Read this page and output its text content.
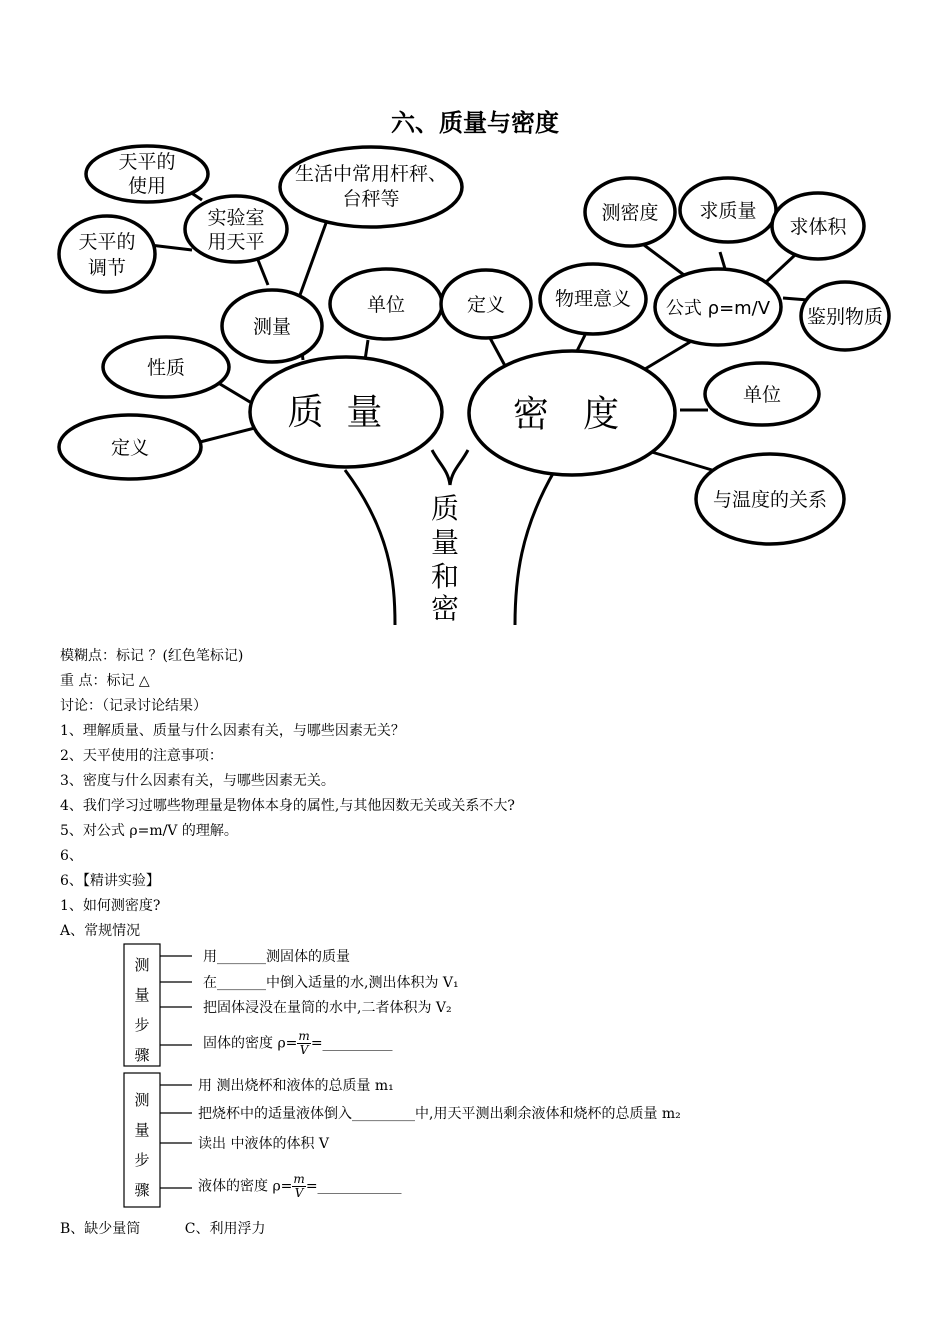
六、质量与密度
天平的
使用
实验室
用天平
生活中常用杆秤、
台秤等
天平的
调节
测量
单位
性质
定义
定义	物理意义
测密度 求质量
求体积
公式 ρ=m/V 鉴别物质
单位
与温度的关系
质  量	密   度
质
量
和
密
模糊点：标记 ？(红色笔标记)
重 点：标记 △
讨论：（记录讨论结果）
1、理解质量、质量与什么因素有关，与哪些因素无关？
2、天平使用的注意事项：
3、密度与什么因素有关，与哪些因素无关。
4、我们学习过哪些物理量是物体本身的属性,与其他因数无关或关系不大?
5、对公式 ρ=m/V 的理解。
6、
6、【精讲实验】
1、如何测密度?
A、常规情况
测
量
步
骤
用_______测固体的质量
在_______中倒入适量的水,测出体积为 V₁
把固体浸没在量筒的水中,二者体积为 V₂
固体的密度 $\rho= \frac{m}{V}$ =__________
测
量
步
骤
用 测出烧杯和液体的总质量 m₁
把烧杯中的适量液体倒入_________中,用天平测出剩余液体和烧杯的总质量 m₂
读出 中液体的体积 V
液体的密度 $\rho= \frac{m}{V}$ =____________
B、缺少量筒          C、利用浮力
